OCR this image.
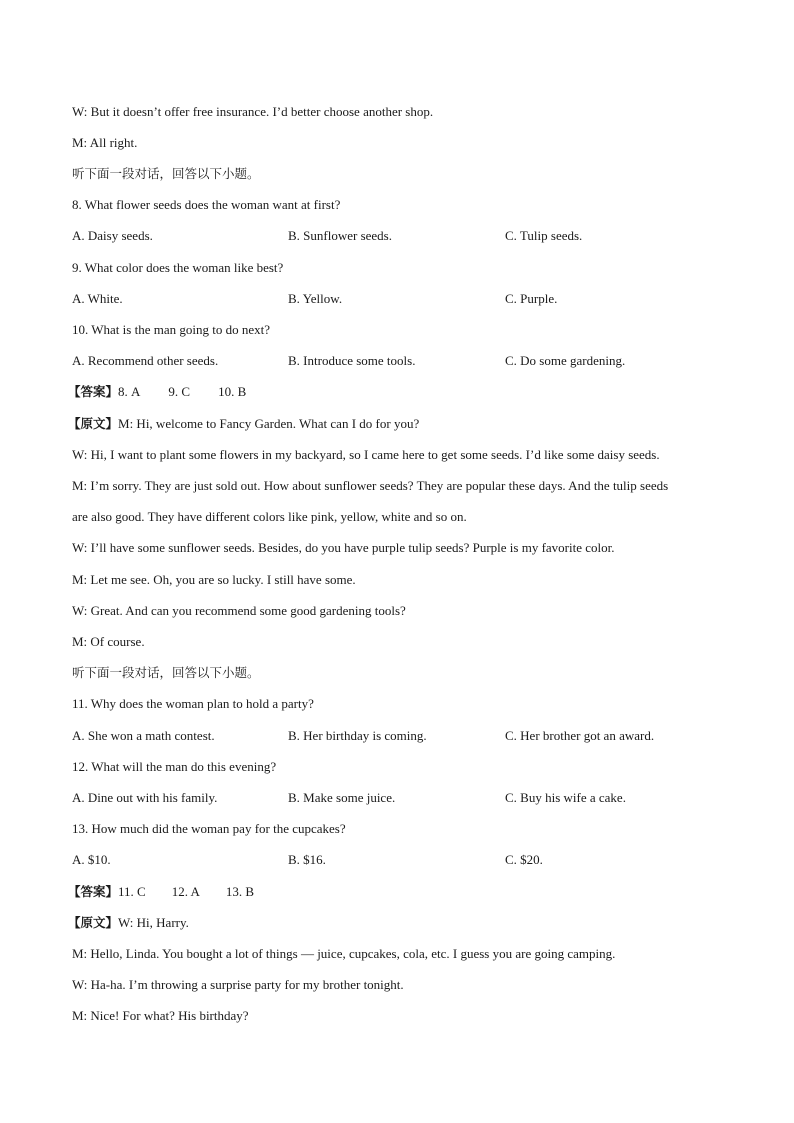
W: But it doesn’t offer free insurance. I’d better choose another shop.
M: All right.
听下面一段对话，回答以下小题。
8. What flower seeds does the woman want at first?
A. Daisy seeds.	B. Sunflower seeds.	C. Tulip seeds.
9. What color does the woman like best?
A. White.	B. Yellow.	C. Purple.
10. What is the man going to do next?
A. Recommend other seeds.	B. Introduce some tools.	C. Do some gardening.
【答案】8. A 9. C 10. B
【原文】M: Hi, welcome to Fancy Garden. What can I do for you?
W: Hi, I want to plant some flowers in my backyard, so I came here to get some seeds. I’d like some daisy seeds.
M: I’m sorry. They are just sold out. How about sunflower seeds? They are popular these days. And the tulip seeds
are also good. They have different colors like pink, yellow, white and so on.
W: I’ll have some sunflower seeds. Besides, do you have purple tulip seeds? Purple is my favorite color.
M: Let me see. Oh, you are so lucky. I still have some.
W: Great. And can you recommend some good gardening tools?
M: Of course.
听下面一段对话，回答以下小题。
11. Why does the woman plan to hold a party?
A. She won a math contest.	B. Her birthday is coming.	C. Her brother got an award.
12. What will the man do this evening?
A. Dine out with his family.	B. Make some juice.	C. Buy his wife a cake.
13. How much did the woman pay for the cupcakes?
A. $10.	B. $16.	C. $20.
【答案】11. C 12. A 13. B
【原文】W: Hi, Harry.
M: Hello, Linda. You bought a lot of things — juice, cupcakes, cola, etc. I guess you are going camping.
W: Ha-ha. I’m throwing a surprise party for my brother tonight.
M: Nice! For what? His birthday?
